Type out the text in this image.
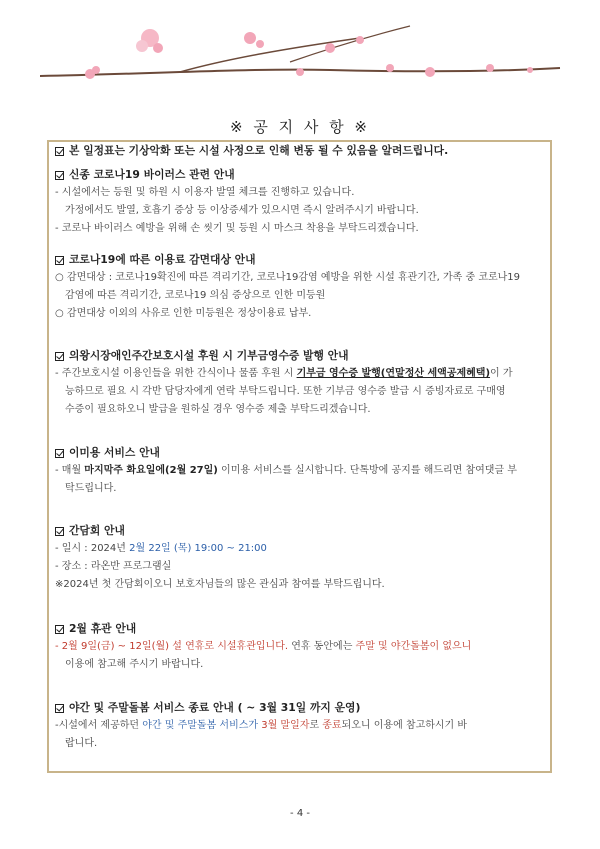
※ 공 지 사 항 ※
본 일정표는 기상악화 또는 시설 사정으로 인해 변동 될 수 있음을 알려드립니다.
신종 코로나19 바이러스 관련 안내
- 시설에서는 등원 및 하원 시 이용자 발열 체크를 진행하고 있습니다.
가정에서도 발열, 호흡기 증상 등 이상증세가 있으시면 즉시 알려주시기 바랍니다.
- 코로나 바이러스 예방을 위해 손 씻기 및 등원 시 마스크 착용을 부탁드리겠습니다.
코로나19에 따른 이용료 감면대상 안내
○ 감면대상 : 코로나19확진에 따른 격리기간, 코로나19감염 예방을 위한 시설 휴관기간, 가족 중 코로나19
감염에 따른 격리기간, 코로나19 의심 증상으로 인한 미등원
○ 감면대상 이외의 사유로 인한 미등원은 정상이용료 납부.
의왕시장애인주간보호시설 후원 시 기부금영수증 발행 안내
- 주간보호시설 이용인들을 위한 간식이나 물품 후원 시 기부금 영수증 발행(연말정산 세액공제혜택)이 가
능하므로 필요 시 각반 담당자에게 연락 부탁드립니다. 또한 기부금 영수증 발급 시 증빙자료로 구매영
수증이 필요하오니 발급을 원하실 경우 영수증 제출 부탁드리겠습니다.
이미용 서비스 안내
- 매월 마지막주 화요일에(2월 27일) 이미용 서비스를 실시합니다. 단톡방에 공지를 해드리면 참여댓글 부
탁드립니다.
간담회 안내
- 일시 : 2024년 2월 22일 (목) 19:00 ~ 21:00
- 장소 : 라온반 프로그램실
※2024년 첫 간담회이오니 보호자님들의 많은 관심과 참여를 부탁드립니다.
2월 휴관 안내
- 2월 9일(금) ~ 12일(월) 설 연휴로 시설휴관입니다. 연휴 동안에는 주말 및 야간돌봄이 없으니
이용에 참고해 주시기 바랍니다.
야간 및 주말돌봄 서비스 종료 안내 ( ~ 3월 31일 까지 운영)
-시설에서 제공하던 야간 및 주말돌봄 서비스가 3월 말일자로 종료되오니 이용에 참고하시기 바
랍니다.
- 4 -
